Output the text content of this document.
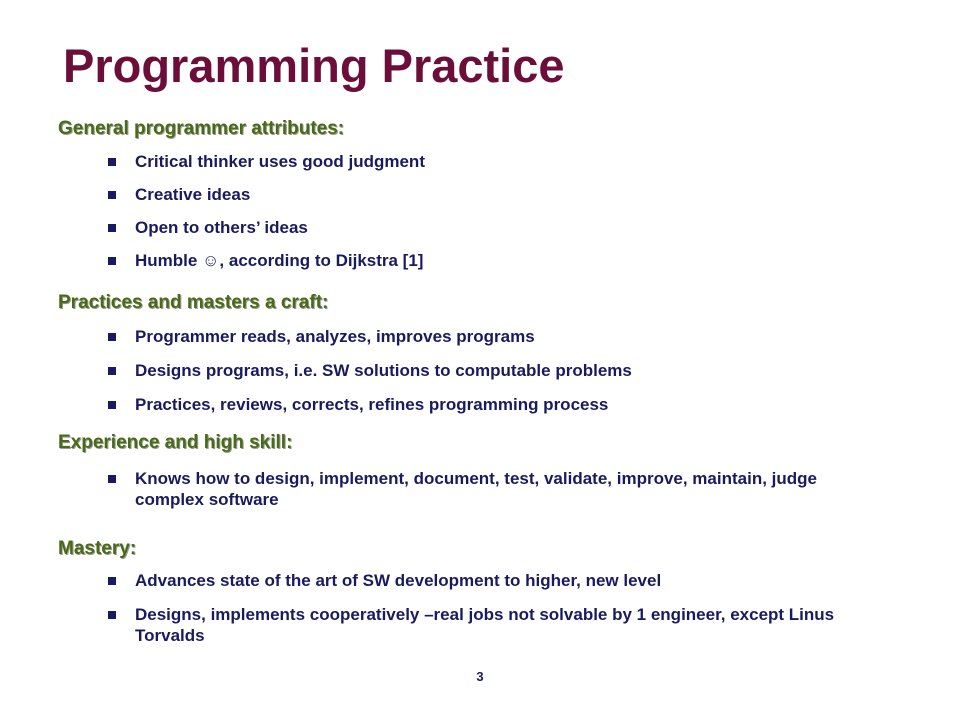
Programming Practice
General programmer attributes:
Critical thinker uses good judgment
Creative ideas
Open to others’ ideas
Humble ☺, according to Dijkstra [1]
Practices and masters a craft:
Programmer reads, analyzes, improves programs
Designs programs, i.e. SW solutions to computable problems
Practices, reviews, corrects, refines programming process
Experience and high skill:
Knows how to design, implement, document, test, validate, improve, maintain, judge complex software
Mastery:
Advances state of the art of SW development to higher, new level
Designs, implements cooperatively –real jobs not solvable by 1 engineer, except Linus Torvalds
3
